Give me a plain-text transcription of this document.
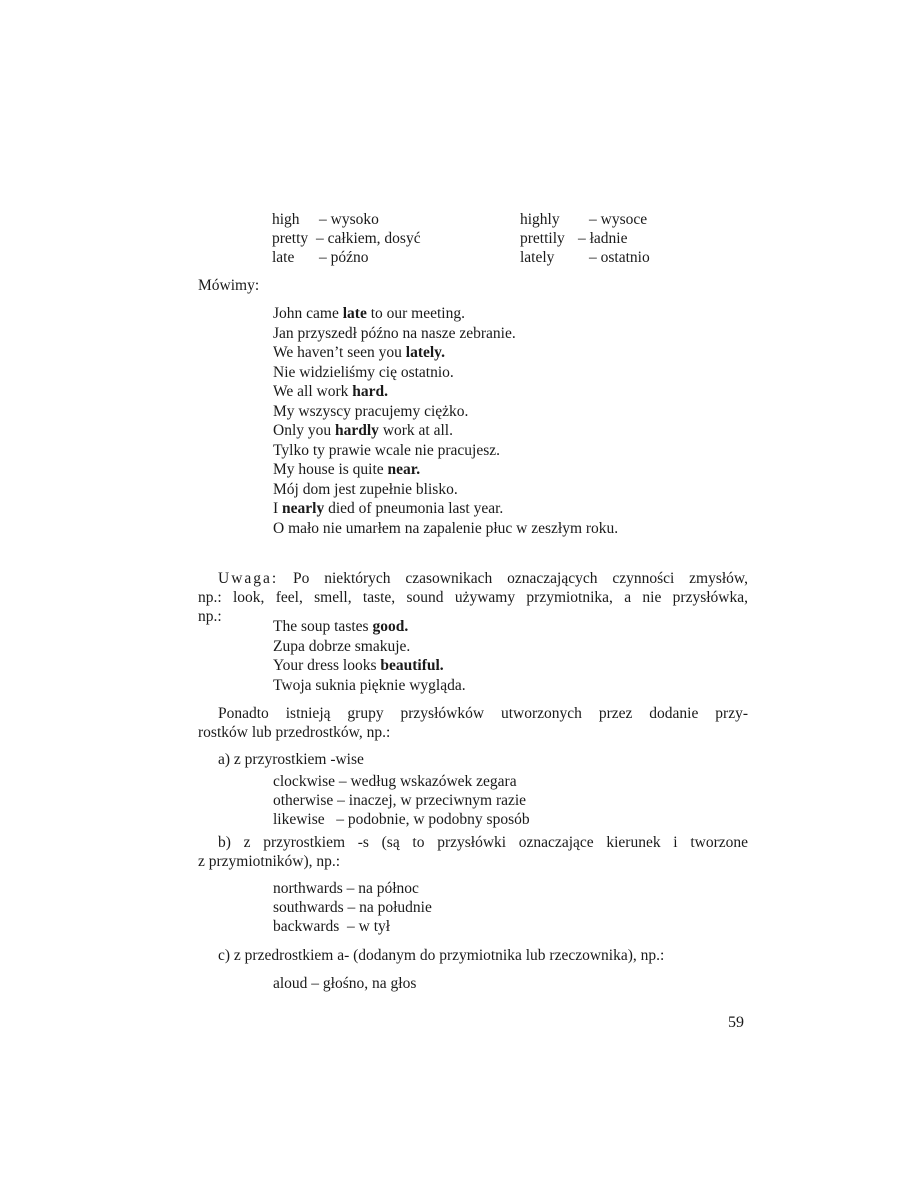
high – wysoko	highly – wysoce
pretty – całkiem, dosyć	prettily – ładnie
late – późno	lately – ostatnio
Mówimy:
John came late to our meeting.
Jan przyszedł późno na nasze zebranie.
We haven’t seen you lately.
Nie widzieliśmy cię ostatnio.
We all work hard.
My wszyscy pracujemy ciężko.
Only you hardly work at all.
Tylko ty prawie wcale nie pracujesz.
My house is quite near.
Mój dom jest zupełnie blisko.
I nearly died of pneumonia last year.
O mało nie umarłem na zapalenie płuc w zeszłym roku.
Uwaga: Po niektórych czasownikach oznaczających czynności zmysłów,
np.: look, feel, smell, taste, sound używamy przymiotnika, a nie przysłówka,
np.:
The soup tastes good.
Zupa dobrze smakuje.
Your dress looks beautiful.
Twoja suknia pięknie wygląda.
Ponadto istnieją grupy przysłówków utworzonych przez dodanie przy-
rostków lub przedrostków, np.:
a) z przyrostkiem -wise
clockwise – według wskazówek zegara
otherwise – inaczej, w przeciwnym razie
likewise   – podobnie, w podobny sposób
b) z przyrostkiem -s (są to przysłówki oznaczające kierunek i tworzone
z przymiotników), np.:
northwards – na północ
southwards – na południe
backwards  – w tył
c) z przedrostkiem a- (dodanym do przymiotnika lub rzeczownika), np.:
aloud – głośno, na głos
59
